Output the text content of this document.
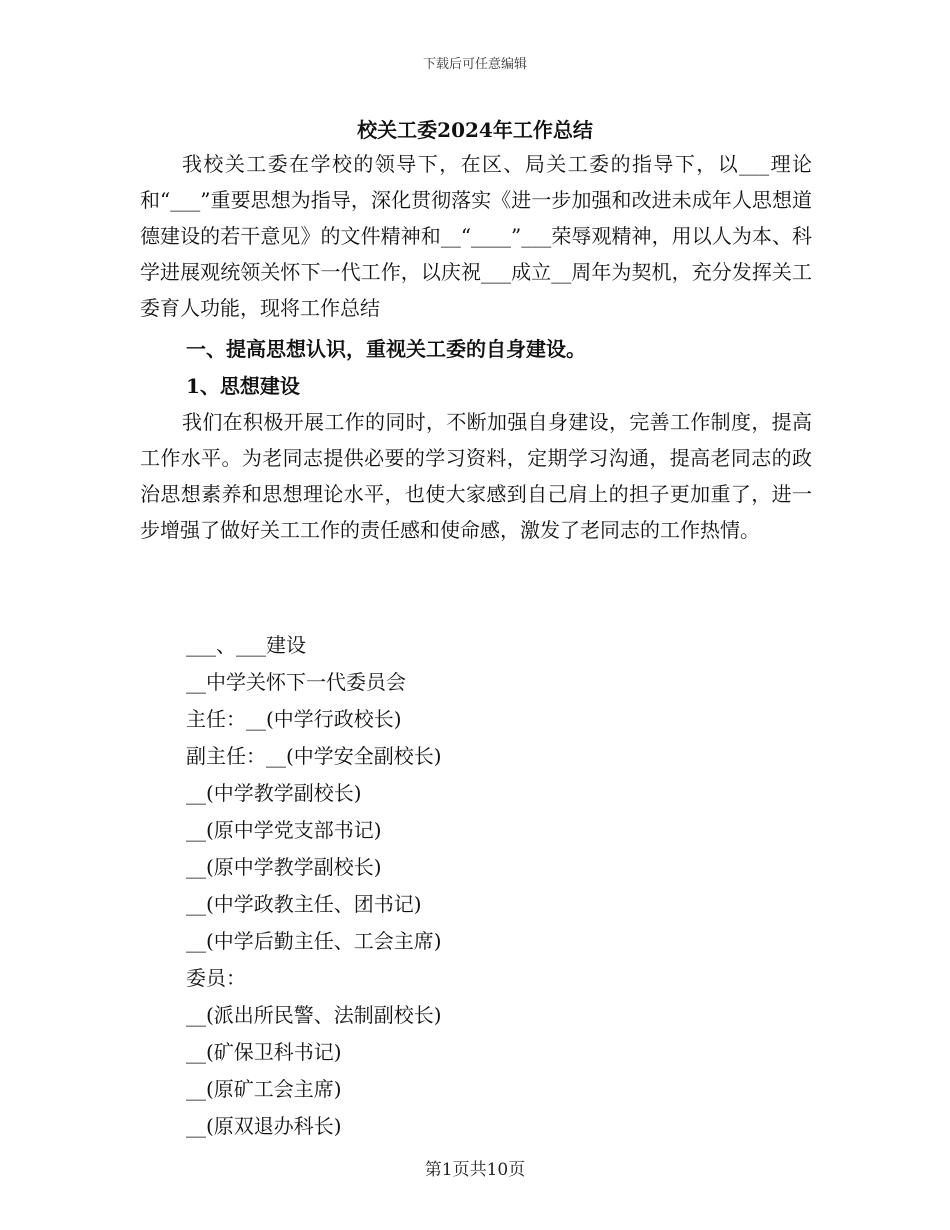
下载后可任意编辑
校关工委2024年工作总结
我校关工委在学校的领导下，在区、局关工委的指导下，以___理论和“___”重要思想为指导，深化贯彻落实《进一步加强和改进未成年人思想道德建设的若干意见》的文件精神和__“____”___荣辱观精神，用以人为本、科学进展观统领关怀下一代工作，以庆祝___成立__周年为契机，充分发挥关工委育人功能，现将工作总结
一、提高思想认识，重视关工委的自身建设。
1、思想建设
我们在积极开展工作的同时，不断加强自身建设，完善工作制度，提高工作水平。为老同志提供必要的学习资料，定期学习沟通，提高老同志的政治思想素养和思想理论水平，也使大家感到自己肩上的担子更加重了，进一步增强了做好关工工作的责任感和使命感，激发了老同志的工作热情。
___、___建设
__中学关怀下一代委员会
主任：__(中学行政校长)
副主任：__(中学安全副校长)
__(中学教学副校长)
__(原中学党支部书记)
__(原中学教学副校长)
__(中学政教主任、团书记)
__(中学后勤主任、工会主席)
委员：
__(派出所民警、法制副校长)
__(矿保卫科书记)
__(原矿工会主席)
__(原双退办科长)
第1页共10页
